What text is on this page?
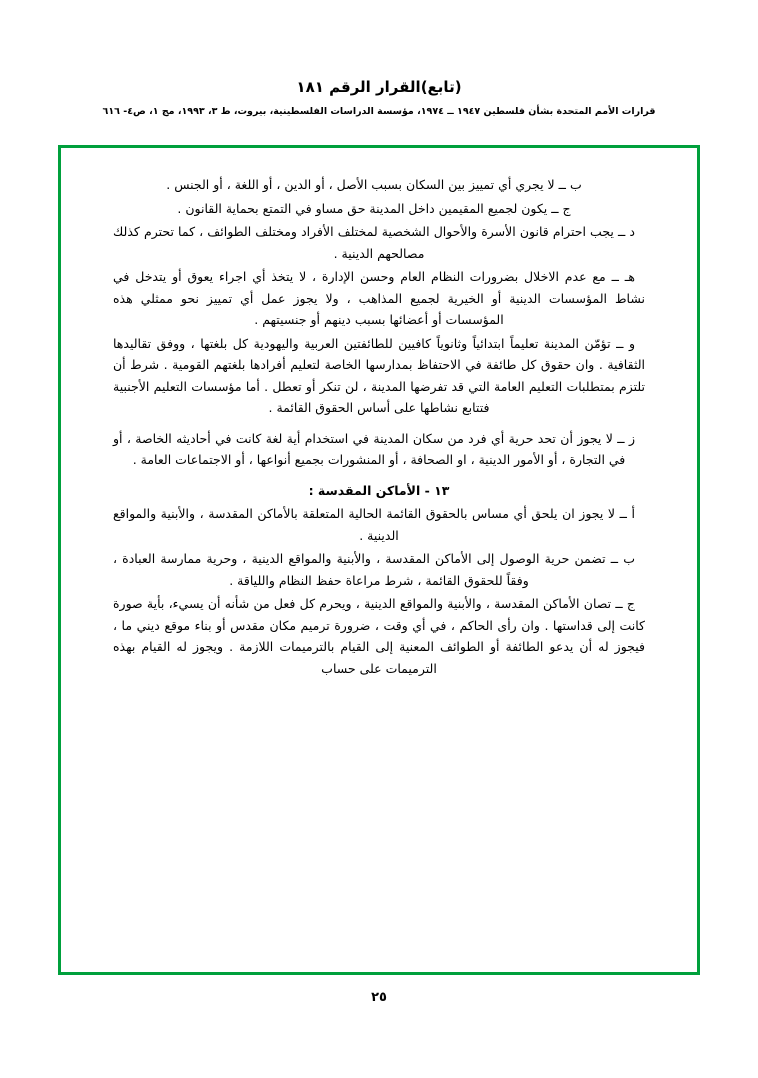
(تابع)القرار الرقم ١٨١
قرارات الأمم المتحدة بشأن فلسطين ١٩٤٧ ــ ١٩٧٤، مؤسسة الدراسات الفلسطينية، بيروت، ط ٣، ١٩٩٣، مج ١، ص٤- ٦١٦

ب ــ لا يجري أي تمييز بين السكان بسبب الأصل ، أو الدين ، أو اللغة ، أو الجنس .

ج ــ يكون لجميع المقيمين داخل المدينة حق مساو في التمتع بحماية القانون .

د ــ يجب احترام قانون الأسرة والأحوال الشخصية لمختلف الأفراد ومختلف الطوائف ، كما تحترم كذلك مصالحهم الدينية .

هـ ــ مع عدم الاخلال بضرورات النظام العام وحسن الإدارة ، لا يتخذ أي اجراء يعوق أو يتدخل في نشاط المؤسسات الدينية أو الخيرية لجميع المذاهب ، ولا يجوز عمل أي تمييز نحو ممثلي هذه المؤسسات أو أعضائها بسبب دينهم أو جنسيتهم .

و ــ تؤمّن المدينة تعليماً ابتدائياً وثانوياً كافيين للطائفتين العربية واليهودية كل بلغتها ، ووفق تقاليدها الثقافية . وان حقوق كل طائفة في الاحتفاظ بمدارسها الخاصة لتعليم أفرادها بلغتهم القومية . شرط أن تلتزم بمتطلبات التعليم العامة التي قد تفرضها المدينة ، لن تنكر أو تعطل . أما مؤسسات التعليم الأجنبية فتتابع نشاطها على أساس الحقوق القائمة .

ز ــ لا يجوز أن تحد حرية أي فرد من سكان المدينة في استخدام أية لغة كانت في أحاديثه الخاصة ، أو في التجارة ، أو الأمور الدينية ، او الصحافة ، أو المنشورات بجميع أنواعها ، أو الاجتماعات العامة .

١٣ - الأماكن المقدسة :

أ ــ لا يجوز ان يلحق أي مساس بالحقوق القائمة الحالية المتعلقة بالأماكن المقدسة ، والأبنية والمواقع الدينية .

ب ــ تضمن حرية الوصول إلى الأماكن المقدسة ، والأبنية والمواقع الدينية ، وحرية ممارسة العبادة ، وفقاً للحقوق القائمة ، شرط مراعاة حفظ النظام واللياقة .

ج ــ تصان الأماكن المقدسة ، والأبنية والمواقع الدينية ، ويحرم كل فعل من شأنه أن يسيء، بأية صورة كانت إلى قداستها . وان رأى الحاكم ، في أي وقت ، ضرورة ترميم مكان مقدس أو بناء موقع ديني ما ، فيجوز له أن يدعو الطائفة أو الطوائف المعنية إلى القيام بالترميمات اللازمة . ويجوز له القيام بهذه الترميمات على حساب

٢٥
